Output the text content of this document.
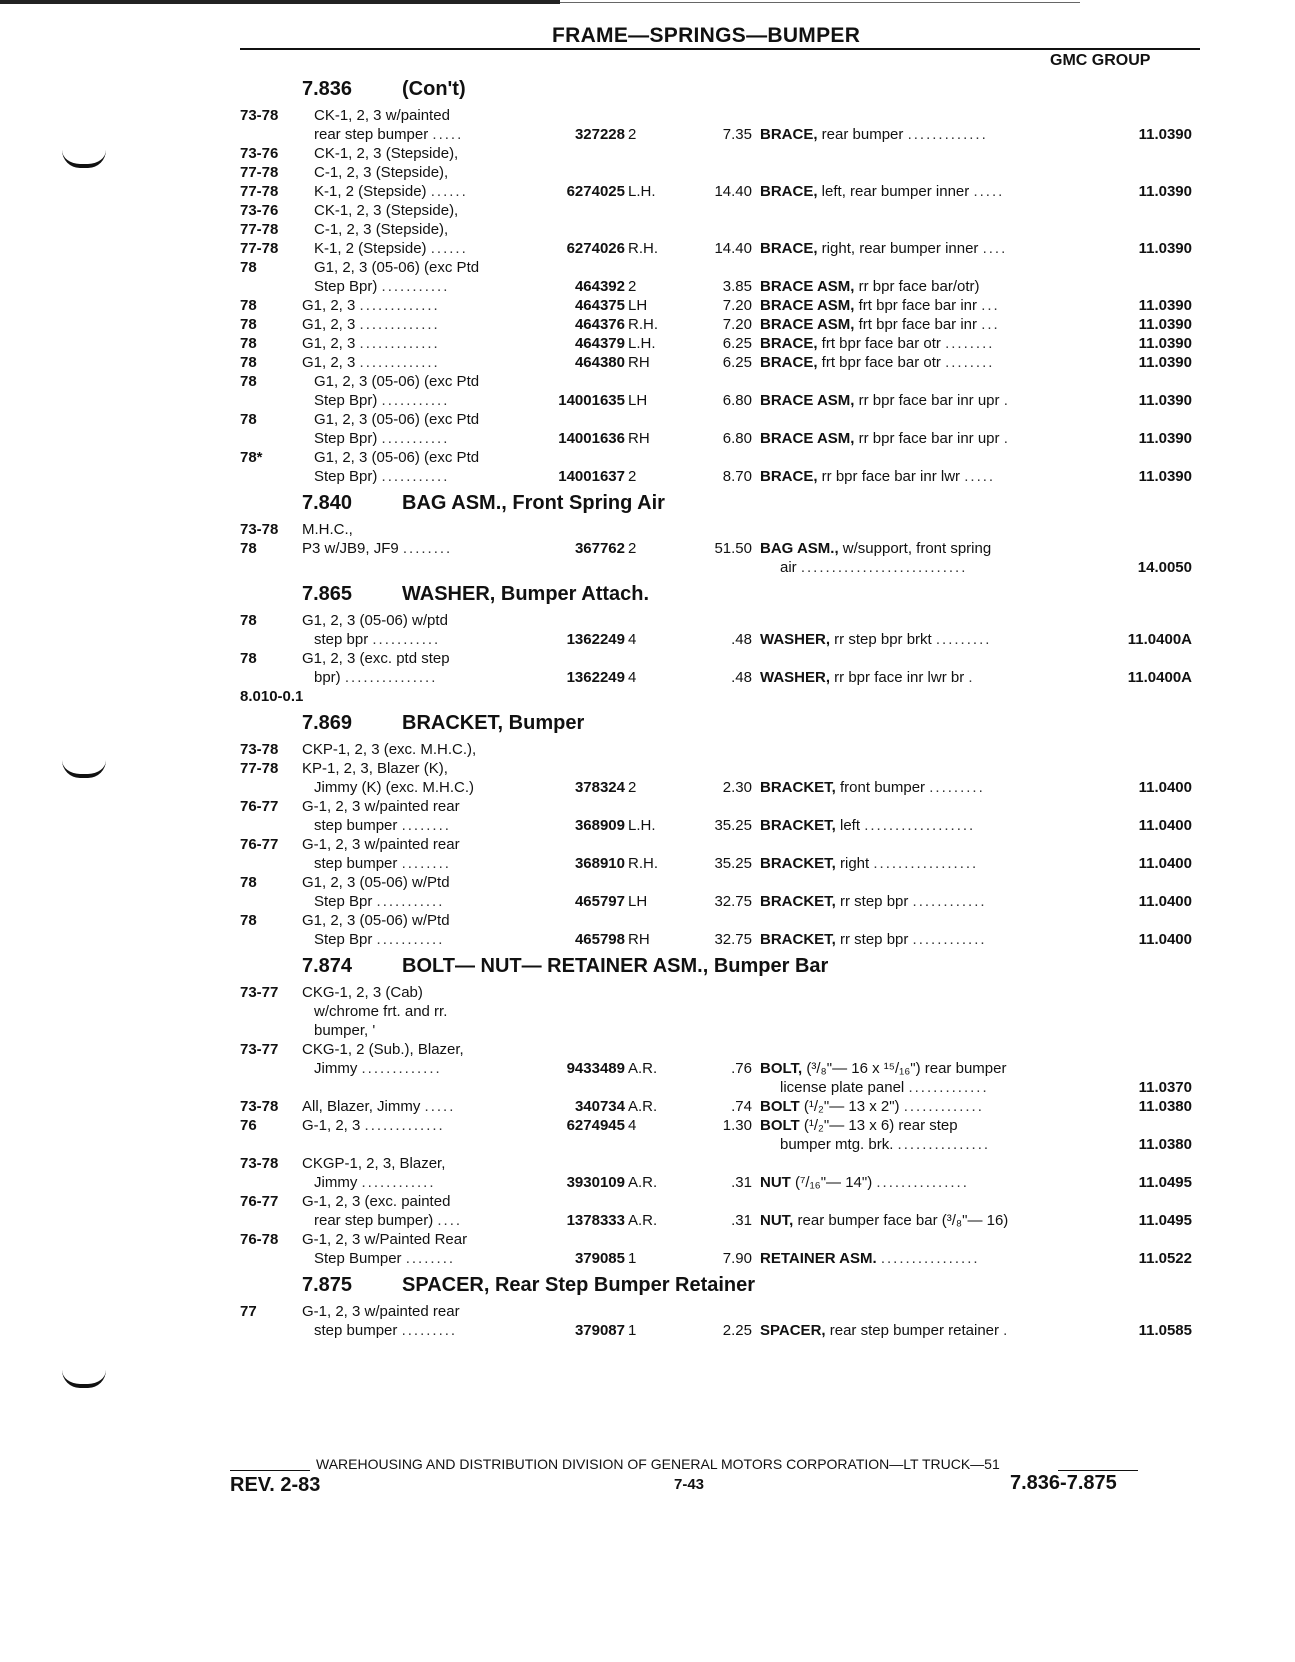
FRAME—SPRINGS—BUMPER
GMC GROUP
7.836 (Con't)
73-78	CK-1, 2, 3 w/painted
rear step bumper .....	327228 2	7.35 BRACE, rear bumper .............	11.0390
73-76	CK-1, 2, 3 (Stepside),
77-78	C-1, 2, 3 (Stepside),
77-78	K-1, 2 (Stepside) ......	6274025 L.H.	14.40 BRACE, left, rear bumper inner .....	11.0390
73-76	CK-1, 2, 3 (Stepside),
77-78	C-1, 2, 3 (Stepside),
77-78	K-1, 2 (Stepside) ......	6274026 R.H.	14.40 BRACE, right, rear bumper inner ....	11.0390
78	G1, 2, 3 (05-06) (exc Ptd
Step Bpr) ...........	464392 2	3.85 BRACE ASM, rr bpr face bar/otr)
78	G1, 2, 3 .............	464375 LH	7.20 BRACE ASM, frt bpr face bar inr ...	11.0390
78	G1, 2, 3 .............	464376 R.H.	7.20 BRACE ASM, frt bpr face bar inr ...	11.0390
78	G1, 2, 3 .............	464379 L.H.	6.25 BRACE, frt bpr face bar otr ........	11.0390
78	G1, 2, 3 .............	464380 RH	6.25 BRACE, frt bpr face bar otr ........	11.0390
78	G1, 2, 3 (05-06) (exc Ptd
Step Bpr) ...........	14001635 LH	6.80 BRACE ASM, rr bpr face bar inr upr .	11.0390
78	G1, 2, 3 (05-06) (exc Ptd
Step Bpr) ...........	14001636 RH	6.80 BRACE ASM, rr bpr face bar inr upr .	11.0390
78*	G1, 2, 3 (05-06) (exc Ptd
Step Bpr) ...........	14001637 2	8.70 BRACE, rr bpr face bar inr lwr .....	11.0390
7.840 BAG ASM., Front Spring Air
73-78	M.H.C.,
78	P3 w/JB9, JF9 ........	367762 2	51.50 BAG ASM., w/support, front spring
air ...........................	14.0050
7.865 WASHER, Bumper Attach.
78	G1, 2, 3 (05-06) w/ptd
step bpr ...........	1362249 4	.48 WASHER, rr step bpr brkt .........	11.0400A
78	G1, 2, 3 (exc. ptd step
bpr) ...............	1362249 4	.48 WASHER, rr bpr face inr lwr br .	11.0400A
8.010-0.1
7.869 BRACKET, Bumper
73-78	CKP-1, 2, 3 (exc. M.H.C.),
77-78	KP-1, 2, 3, Blazer (K),
Jimmy (K) (exc. M.H.C.)	378324 2	2.30 BRACKET, front bumper .........	11.0400
76-77	G-1, 2, 3 w/painted rear
step bumper ........	368909 L.H.	35.25 BRACKET, left ..................	11.0400
76-77	G-1, 2, 3 w/painted rear
step bumper ........	368910 R.H.	35.25 BRACKET, right .................	11.0400
78	G1, 2, 3 (05-06) w/Ptd
Step Bpr ...........	465797 LH	32.75 BRACKET, rr step bpr ............	11.0400
78	G1, 2, 3 (05-06) w/Ptd
Step Bpr ...........	465798 RH	32.75 BRACKET, rr step bpr ............	11.0400
7.874 BOLT— NUT— RETAINER ASM., Bumper Bar
73-77	CKG-1, 2, 3 (Cab)
w/chrome frt. and rr.
bumper, '
73-77	CKG-1, 2 (Sub.), Blazer,
Jimmy .............	9433489 A.R.	.76 BOLT, (³/₈"— 16 x ¹⁵/₁₆") rear bumper
license plate panel .............	11.0370
73-78	All, Blazer, Jimmy .....	340734 A.R.	.74 BOLT (¹/₂"— 13 x 2") .............	11.0380
76	G-1, 2, 3 .............	6274945 4	1.30 BOLT (¹/₂"— 13 x 6) rear step
bumper mtg. brk. ...............	11.0380
73-78	CKGP-1, 2, 3, Blazer,
Jimmy ............	3930109 A.R.	.31 NUT (⁷/₁₆"— 14") ...............	11.0495
76-77	G-1, 2, 3 (exc. painted
rear step bumper) ....	1378333 A.R.	.31 NUT, rear bumper face bar (³/₈"— 16)	11.0495
76-78	G-1, 2, 3 w/Painted Rear
Step Bumper ........	379085 1	7.90 RETAINER ASM. ................	11.0522
7.875 SPACER, Rear Step Bumper Retainer
77	G-1, 2, 3 w/painted rear
step bumper .........	379087 1	2.25 SPACER, rear step bumper retainer .	11.0585
WAREHOUSING AND DISTRIBUTION DIVISION OF GENERAL MOTORS CORPORATION—LT TRUCK—51
REV. 2-83	7-43	7.836-7.875
